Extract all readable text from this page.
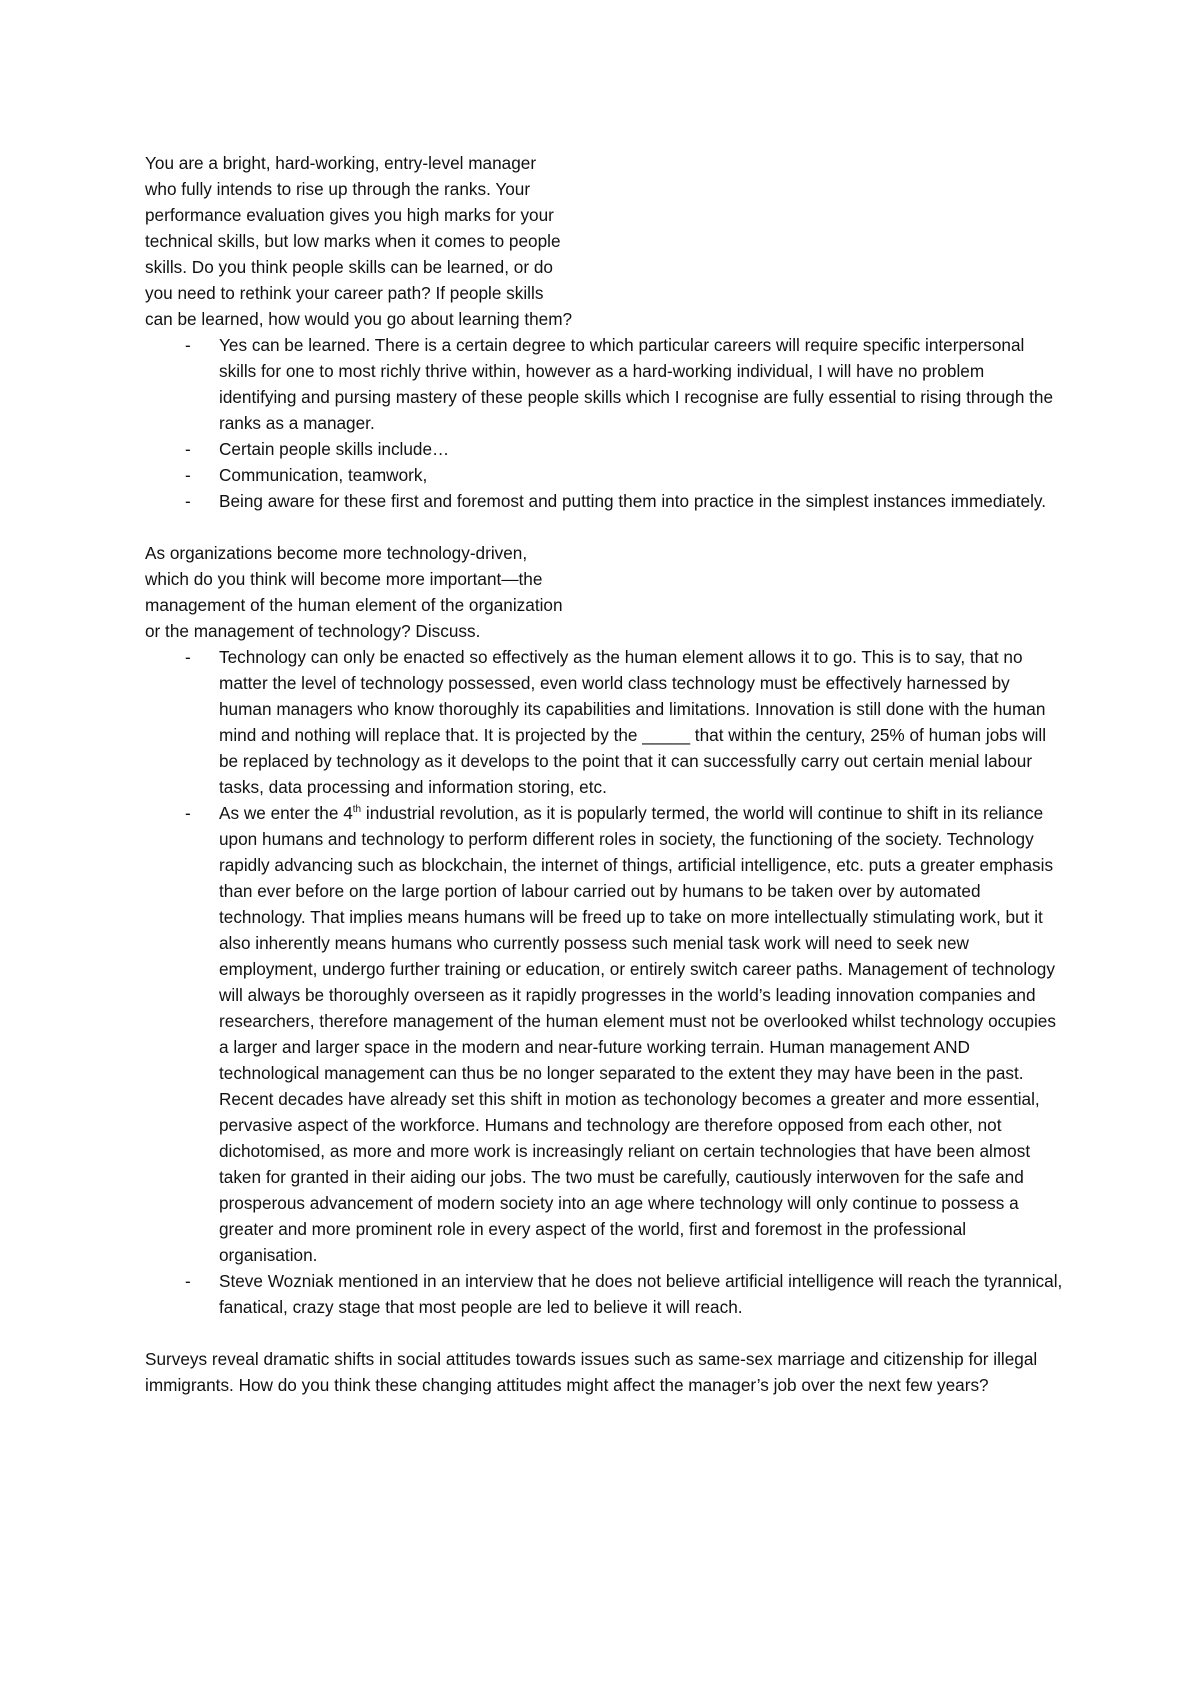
You are a bright, hard-working, entry-level manager
who fully intends to rise up through the ranks. Your
performance evaluation gives you high marks for your
technical skills, but low marks when it comes to people
skills. Do you think people skills can be learned, or do
you need to rethink your career path? If people skills
can be learned, how would you go about learning them?
- Yes can be learned. There is a certain degree to which particular careers will require specific interpersonal skills for one to most richly thrive within, however as a hard-working individual, I will have no problem identifying and pursing mastery of these people skills which I recognise are fully essential to rising through the ranks as a manager.
- Certain people skills include…
- Communication, teamwork,
- Being aware for these first and foremost and putting them into practice in the simplest instances immediately.
As organizations become more technology-driven,
which do you think will become more important—the
management of the human element of the organization
or the management of technology? Discuss.
- Technology can only be enacted so effectively as the human element allows it to go. This is to say, that no matter the level of technology possessed, even world class technology must be effectively harnessed by human managers who know thoroughly its capabilities and limitations. Innovation is still done with the human mind and nothing will replace that. It is projected by the _____ that within the century, 25% of human jobs will be replaced by technology as it develops to the point that it can successfully carry out certain menial labour tasks, data processing and information storing, etc.
- As we enter the 4th industrial revolution, as it is popularly termed, the world will continue to shift in its reliance upon humans and technology to perform different roles in society, the functioning of the society. Technology rapidly advancing such as blockchain, the internet of things, artificial intelligence, etc. puts a greater emphasis than ever before on the large portion of labour carried out by humans to be taken over by automated technology. That implies means humans will be freed up to take on more intellectually stimulating work, but it also inherently means humans who currently possess such menial task work will need to seek new employment, undergo further training or education, or entirely switch career paths. Management of technology will always be thoroughly overseen as it rapidly progresses in the world’s leading innovation companies and researchers, therefore management of the human element must not be overlooked whilst technology occupies a larger and larger space in the modern and near-future working terrain. Human management AND technological management can thus be no longer separated to the extent they may have been in the past. Recent decades have already set this shift in motion as techonology becomes a greater and more essential, pervasive aspect of the workforce. Humans and technology are therefore opposed from each other, not dichotomised, as more and more work is increasingly reliant on certain technologies that have been almost taken for granted in their aiding our jobs. The two must be carefully, cautiously interwoven for the safe and prosperous advancement of modern society into an age where technology will only continue to possess a greater and more prominent role in every aspect of the world, first and foremost in the professional organisation.
- Steve Wozniak mentioned in an interview that he does not believe artificial intelligence will reach the tyrannical, fanatical, crazy stage that most people are led to believe it will reach.

Surveys reveal dramatic shifts in social attitudes towards issues such as same-sex marriage and citizenship for illegal immigrants. How do you think these changing attitudes might affect the manager’s job over the next few years?
